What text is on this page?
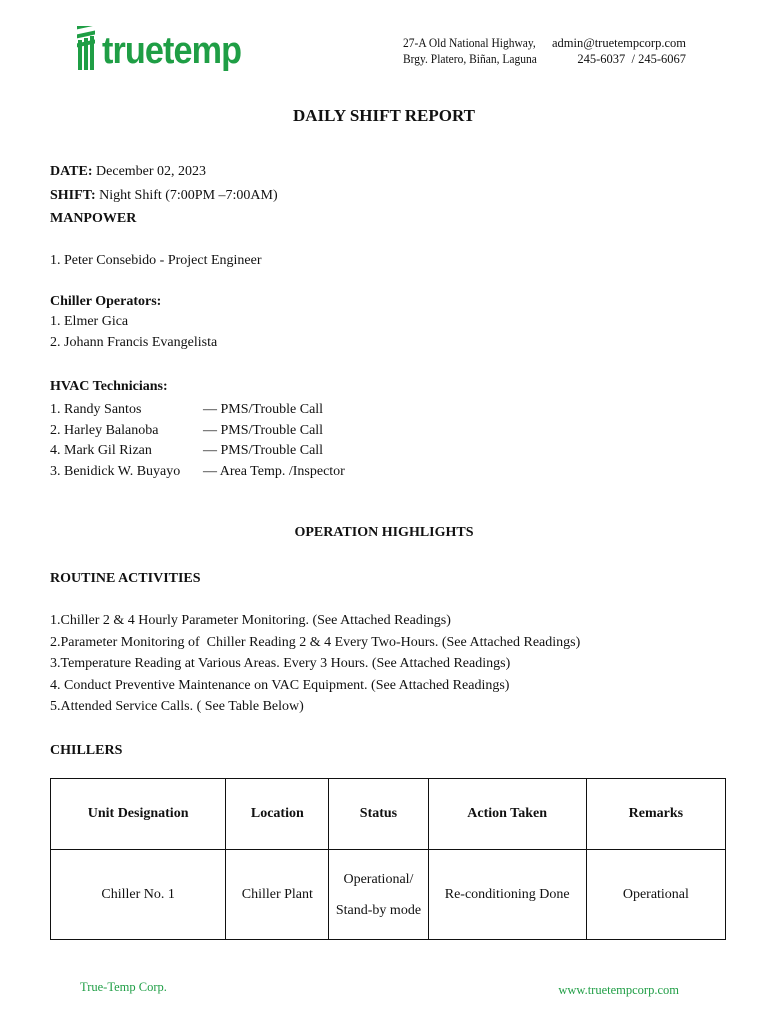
truetemp	27-A Old National Highway,
Brgy. Platero, Biñan, Laguna
admin@truetempcorp.com
245-6037  / 245-6067
DAILY SHIFT REPORT
DATE: December 02, 2023
SHIFT: Night Shift (7:00PM –7:00AM)
MANPOWER
1. Peter Consebido - Project Engineer
Chiller Operators:
1. Elmer Gica
2. Johann Francis Evangelista
HVAC Technicians:
1. Randy Santos	— PMS/Trouble Call
2. Harley Balanoba	— PMS/Trouble Call
4. Mark Gil Rizan	— PMS/Trouble Call
3. Benidick W. Buyayo	— Area Temp. /Inspector
OPERATION HIGHLIGHTS
ROUTINE ACTIVITIES
1.Chiller 2 & 4 Hourly Parameter Monitoring. (See Attached Readings)
2.Parameter Monitoring of  Chiller Reading 2 & 4 Every Two-Hours. (See Attached Readings)
3.Temperature Reading at Various Areas. Every 3 Hours. (See Attached Readings)
4. Conduct Preventive Maintenance on VAC Equipment. (See Attached Readings)
5.Attended Service Calls. ( See Table Below)
CHILLERS
Unit Designation	Location	Status	Action Taken	Remarks
Chiller No. 1	Chiller Plant	Operational/
Stand-by mode	Re-conditioning Done	Operational
True-Temp Corp.	www.truetempcorp.com
